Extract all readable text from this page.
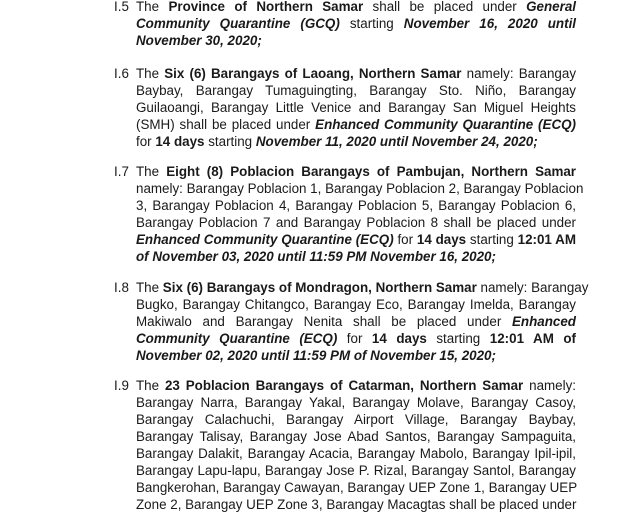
I.5 The Province of Northern Samar shall be placed under General
Community Quarantine (GCQ) starting November 16, 2020 until
November 30, 2020;
I.6 The Six (6) Barangays of Laoang, Northern Samar namely: Barangay
Baybay, Barangay Tumaguingting, Barangay Sto. Niño, Barangay
Guilaoangi, Barangay Little Venice and Barangay San Miguel Heights
(SMH) shall be placed under Enhanced Community Quarantine (ECQ)
for 14 days starting November 11, 2020 until November 24, 2020;
I.7 The Eight (8) Poblacion Barangays of Pambujan, Northern Samar
namely: Barangay Poblacion 1, Barangay Poblacion 2, Barangay Poblacion
3, Barangay Poblacion 4, Barangay Poblacion 5, Barangay Poblacion 6,
Barangay Poblacion 7 and Barangay Poblacion 8 shall be placed under
Enhanced Community Quarantine (ECQ) for 14 days starting 12:01 AM
of November 03, 2020 until 11:59 PM November 16, 2020;
I.8 The Six (6) Barangays of Mondragon, Northern Samar namely: Barangay
Bugko, Barangay Chitangco, Barangay Eco, Barangay Imelda, Barangay
Makiwalo and Barangay Nenita shall be placed under Enhanced
Community Quarantine (ECQ) for 14 days starting 12:01 AM of
November 02, 2020 until 11:59 PM of November 15, 2020;
I.9 The 23 Poblacion Barangays of Catarman, Northern Samar namely:
Barangay Narra, Barangay Yakal, Barangay Molave, Barangay Casoy,
Barangay Calachuchi, Barangay Airport Village, Barangay Baybay,
Barangay Talisay, Barangay Jose Abad Santos, Barangay Sampaguita,
Barangay Dalakit, Barangay Acacia, Barangay Mabolo, Barangay Ipil-ipil,
Barangay Lapu-lapu, Barangay Jose P. Rizal, Barangay Santol, Barangay
Bangkerohan, Barangay Cawayan, Barangay UEP Zone 1, Barangay UEP
Zone 2, Barangay UEP Zone 3, Barangay Macagtas shall be placed under
